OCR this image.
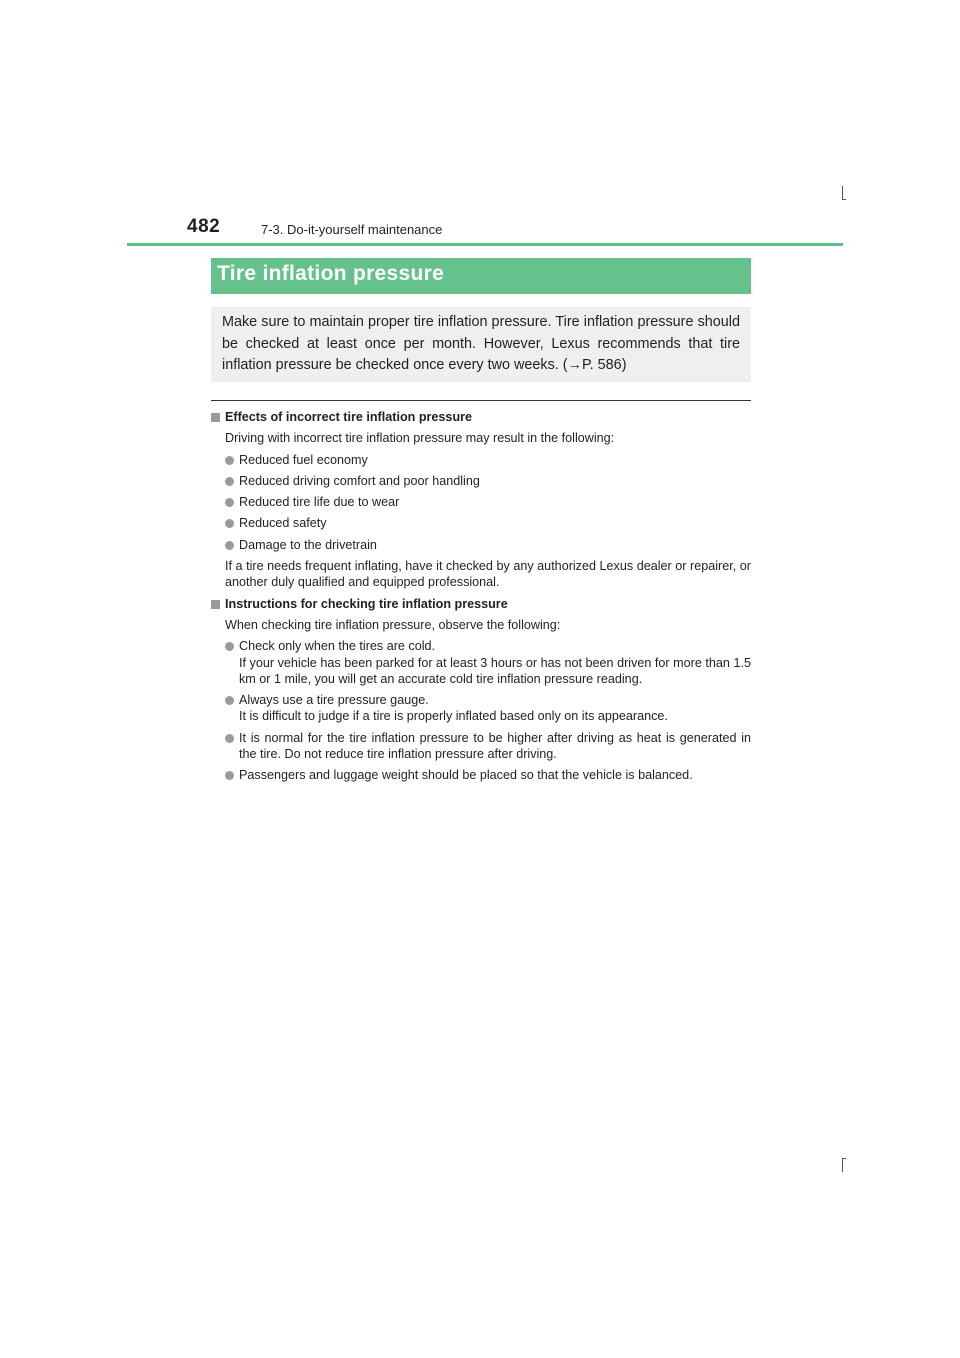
482	7-3. Do-it-yourself maintenance
Tire inflation pressure
Make sure to maintain proper tire inflation pressure. Tire inflation pressure should be checked at least once per month. However, Lexus recommends that tire inflation pressure be checked once every two weeks. (→P. 586)
Effects of incorrect tire inflation pressure
Driving with incorrect tire inflation pressure may result in the following:
Reduced fuel economy
Reduced driving comfort and poor handling
Reduced tire life due to wear
Reduced safety
Damage to the drivetrain
If a tire needs frequent inflating, have it checked by any authorized Lexus dealer or repairer, or another duly qualified and equipped professional.
Instructions for checking tire inflation pressure
When checking tire inflation pressure, observe the following:
Check only when the tires are cold.
If your vehicle has been parked for at least 3 hours or has not been driven for more than 1.5 km or 1 mile, you will get an accurate cold tire inflation pressure reading.
Always use a tire pressure gauge.
It is difficult to judge if a tire is properly inflated based only on its appearance.
It is normal for the tire inflation pressure to be higher after driving as heat is generated in the tire. Do not reduce tire inflation pressure after driving.
Passengers and luggage weight should be placed so that the vehicle is balanced.
